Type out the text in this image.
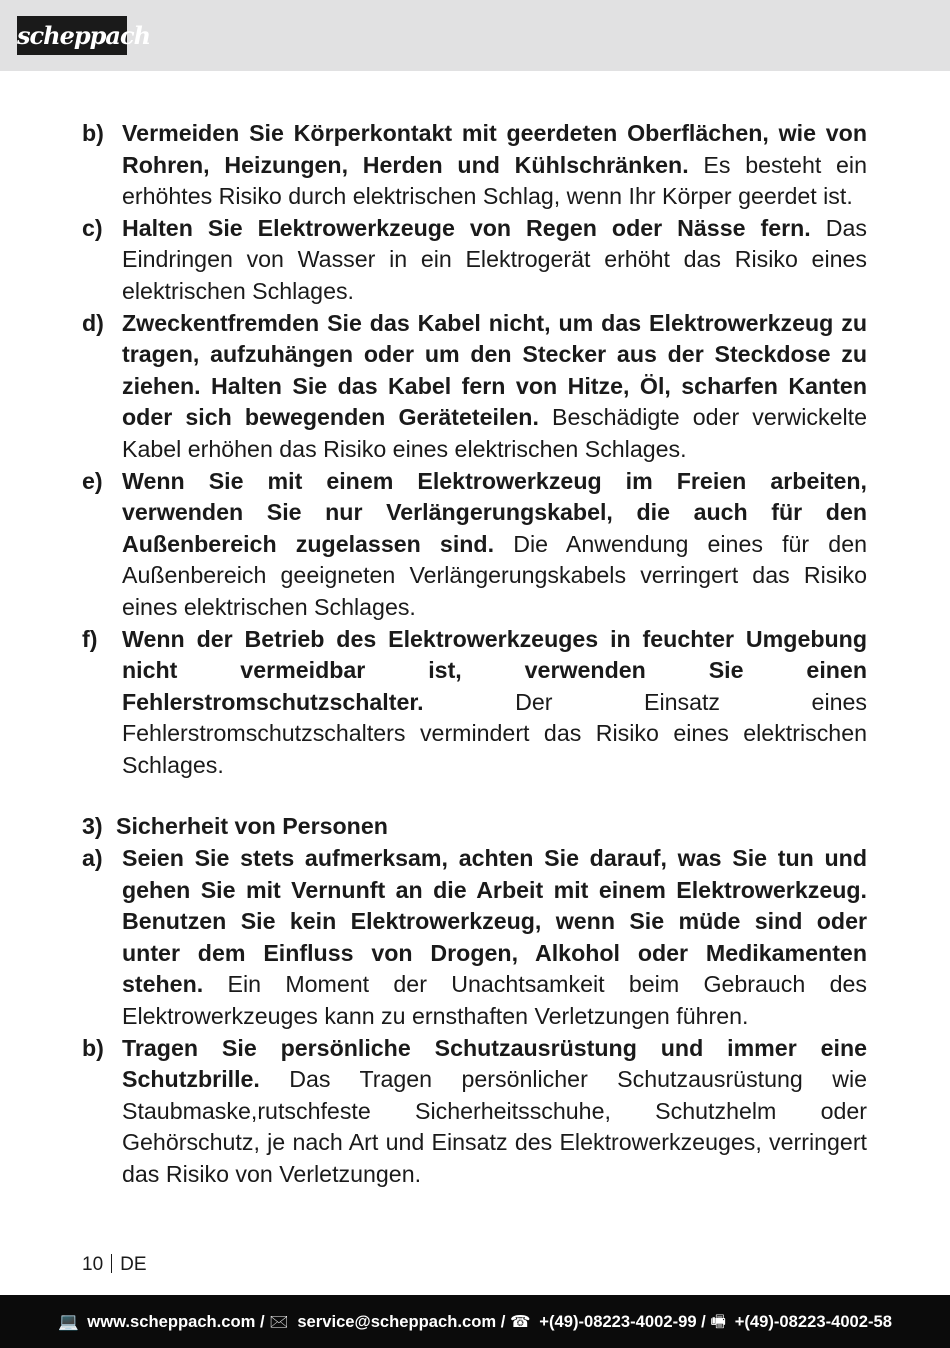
scheppach
b) Vermeiden Sie Körperkontakt mit geerdeten Oberflächen, wie von Rohren, Heizungen, Herden und Kühlschränken. Es besteht ein erhöhtes Risiko durch elektrischen Schlag, wenn Ihr Körper geerdet ist.
c) Halten Sie Elektrowerkzeuge von Regen oder Nässe fern. Das Eindringen von Wasser in ein Elektrogerät erhöht das Risiko eines elektrischen Schlages.
d) Zweckentfremden Sie das Kabel nicht, um das Elektrowerkzeug zu tragen, aufzuhängen oder um den Stecker aus der Steckdose zu ziehen. Halten Sie das Kabel fern von Hitze, Öl, scharfen Kanten oder sich bewegenden Geräteteilen. Beschädigte oder verwickelte Kabel erhöhen das Risiko eines elektrischen Schlages.
e) Wenn Sie mit einem Elektrowerkzeug im Freien arbeiten, verwenden Sie nur Verlängerungskabel, die auch für den Außenbereich zugelassen sind. Die Anwendung eines für den Außenbereich geeigneten Verlängerungskabels verringert das Risiko eines elektrischen Schlages.
f)	Wenn der Betrieb des Elektrowerkzeuges in feuchter Umgebung nicht vermeidbar ist, verwenden Sie einen Fehlerstromschutzschalter. Der Einsatz eines Fehlerstromschutzschalters vermindert das Risiko eines elektrischen Schlages.
3) Sicherheit von Personen
a) Seien Sie stets aufmerksam, achten Sie darauf, was Sie tun und gehen Sie mit Vernunft an die Arbeit mit einem Elektrowerkzeug. Benutzen Sie kein Elektrowerkzeug, wenn Sie müde sind oder unter dem Einfluss von Drogen, Alkohol oder Medikamenten stehen. Ein Moment der Unachtsamkeit beim Gebrauch des Elektrowerkzeuges kann zu ernsthaften Verletzungen führen.
b) Tragen Sie persönliche Schutzausrüstung und immer eine Schutzbrille. Das Tragen persönlicher Schutzausrüstung wie Staubmaske,rutschfeste Sicherheitsschuhe, Schutzhelm oder Gehörschutz, je nach Art und Einsatz des Elektrowerkzeuges, verringert das Risiko von Verletzungen.
10 DE
💻 www.scheppach.com / 🖂 service@scheppach.com / ☎ +(49)-08223-4002-99 / 🖷 +(49)-08223-4002-58
